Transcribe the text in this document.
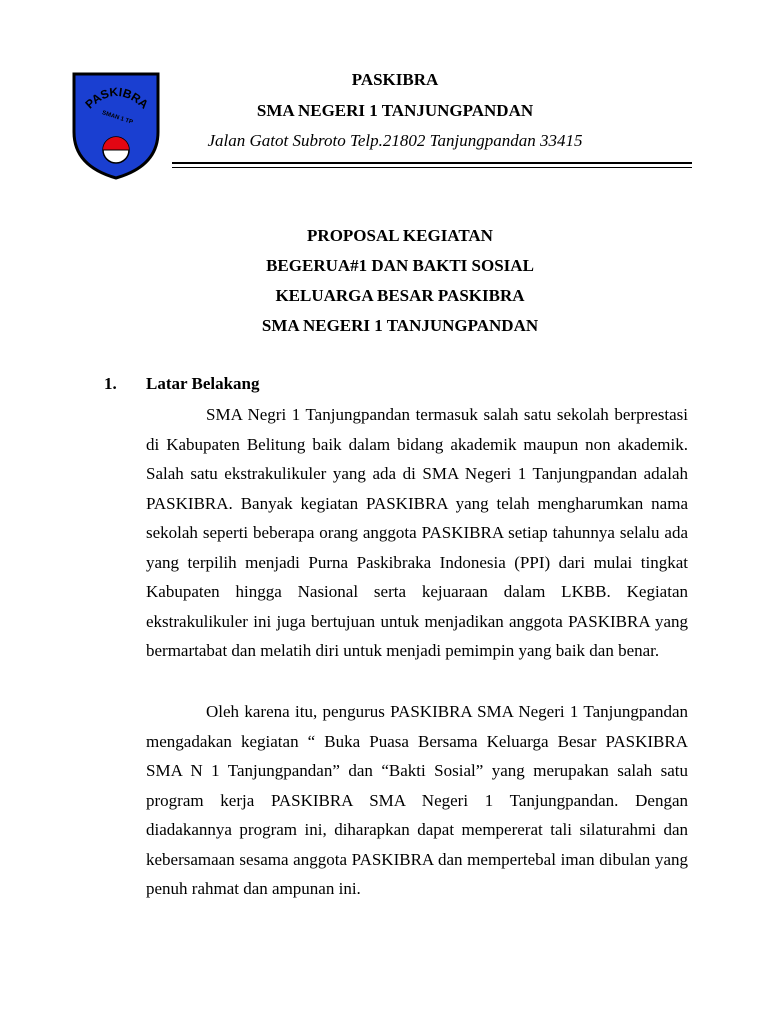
PASKIBRA
SMAN 1 TP
PASKIBRA
SMA NEGERI 1 TANJUNGPANDAN
Jalan Gatot Subroto Telp.21802 Tanjungpandan 33415
PROPOSAL KEGIATAN
BEGERUA#1 DAN BAKTI SOSIAL
KELUARGA BESAR PASKIBRA
SMA NEGERI 1 TANJUNGPANDAN
1. Latar Belakang

SMA Negri 1 Tanjungpandan termasuk salah satu sekolah berprestasi di Kabupaten Belitung baik dalam bidang akademik maupun non akademik. Salah satu ekstrakulikuler yang ada di SMA Negeri 1 Tanjungpandan adalah PASKIBRA. Banyak kegiatan PASKIBRA yang telah mengharumkan nama sekolah seperti beberapa orang anggota PASKIBRA setiap tahunnya selalu ada yang terpilih menjadi Purna Paskibraka Indonesia (PPI) dari mulai tingkat Kabupaten hingga Nasional serta kejuaraan dalam LKBB. Kegiatan ekstrakulikuler ini juga bertujuan untuk menjadikan anggota PASKIBRA yang bermartabat dan melatih diri untuk menjadi pemimpin yang baik dan benar.

Oleh karena itu, pengurus PASKIBRA SMA Negeri 1 Tanjungpandan mengadakan kegiatan “ Buka Puasa Bersama Keluarga Besar PASKIBRA SMA N 1 Tanjungpandan” dan “Bakti Sosial” yang merupakan salah satu program kerja PASKIBRA SMA Negeri 1 Tanjungpandan. Dengan diadakannya program ini, diharapkan dapat mempererat tali silaturahmi dan kebersamaan sesama anggota PASKIBRA dan mempertebal iman dibulan yang penuh rahmat dan ampunan ini.
